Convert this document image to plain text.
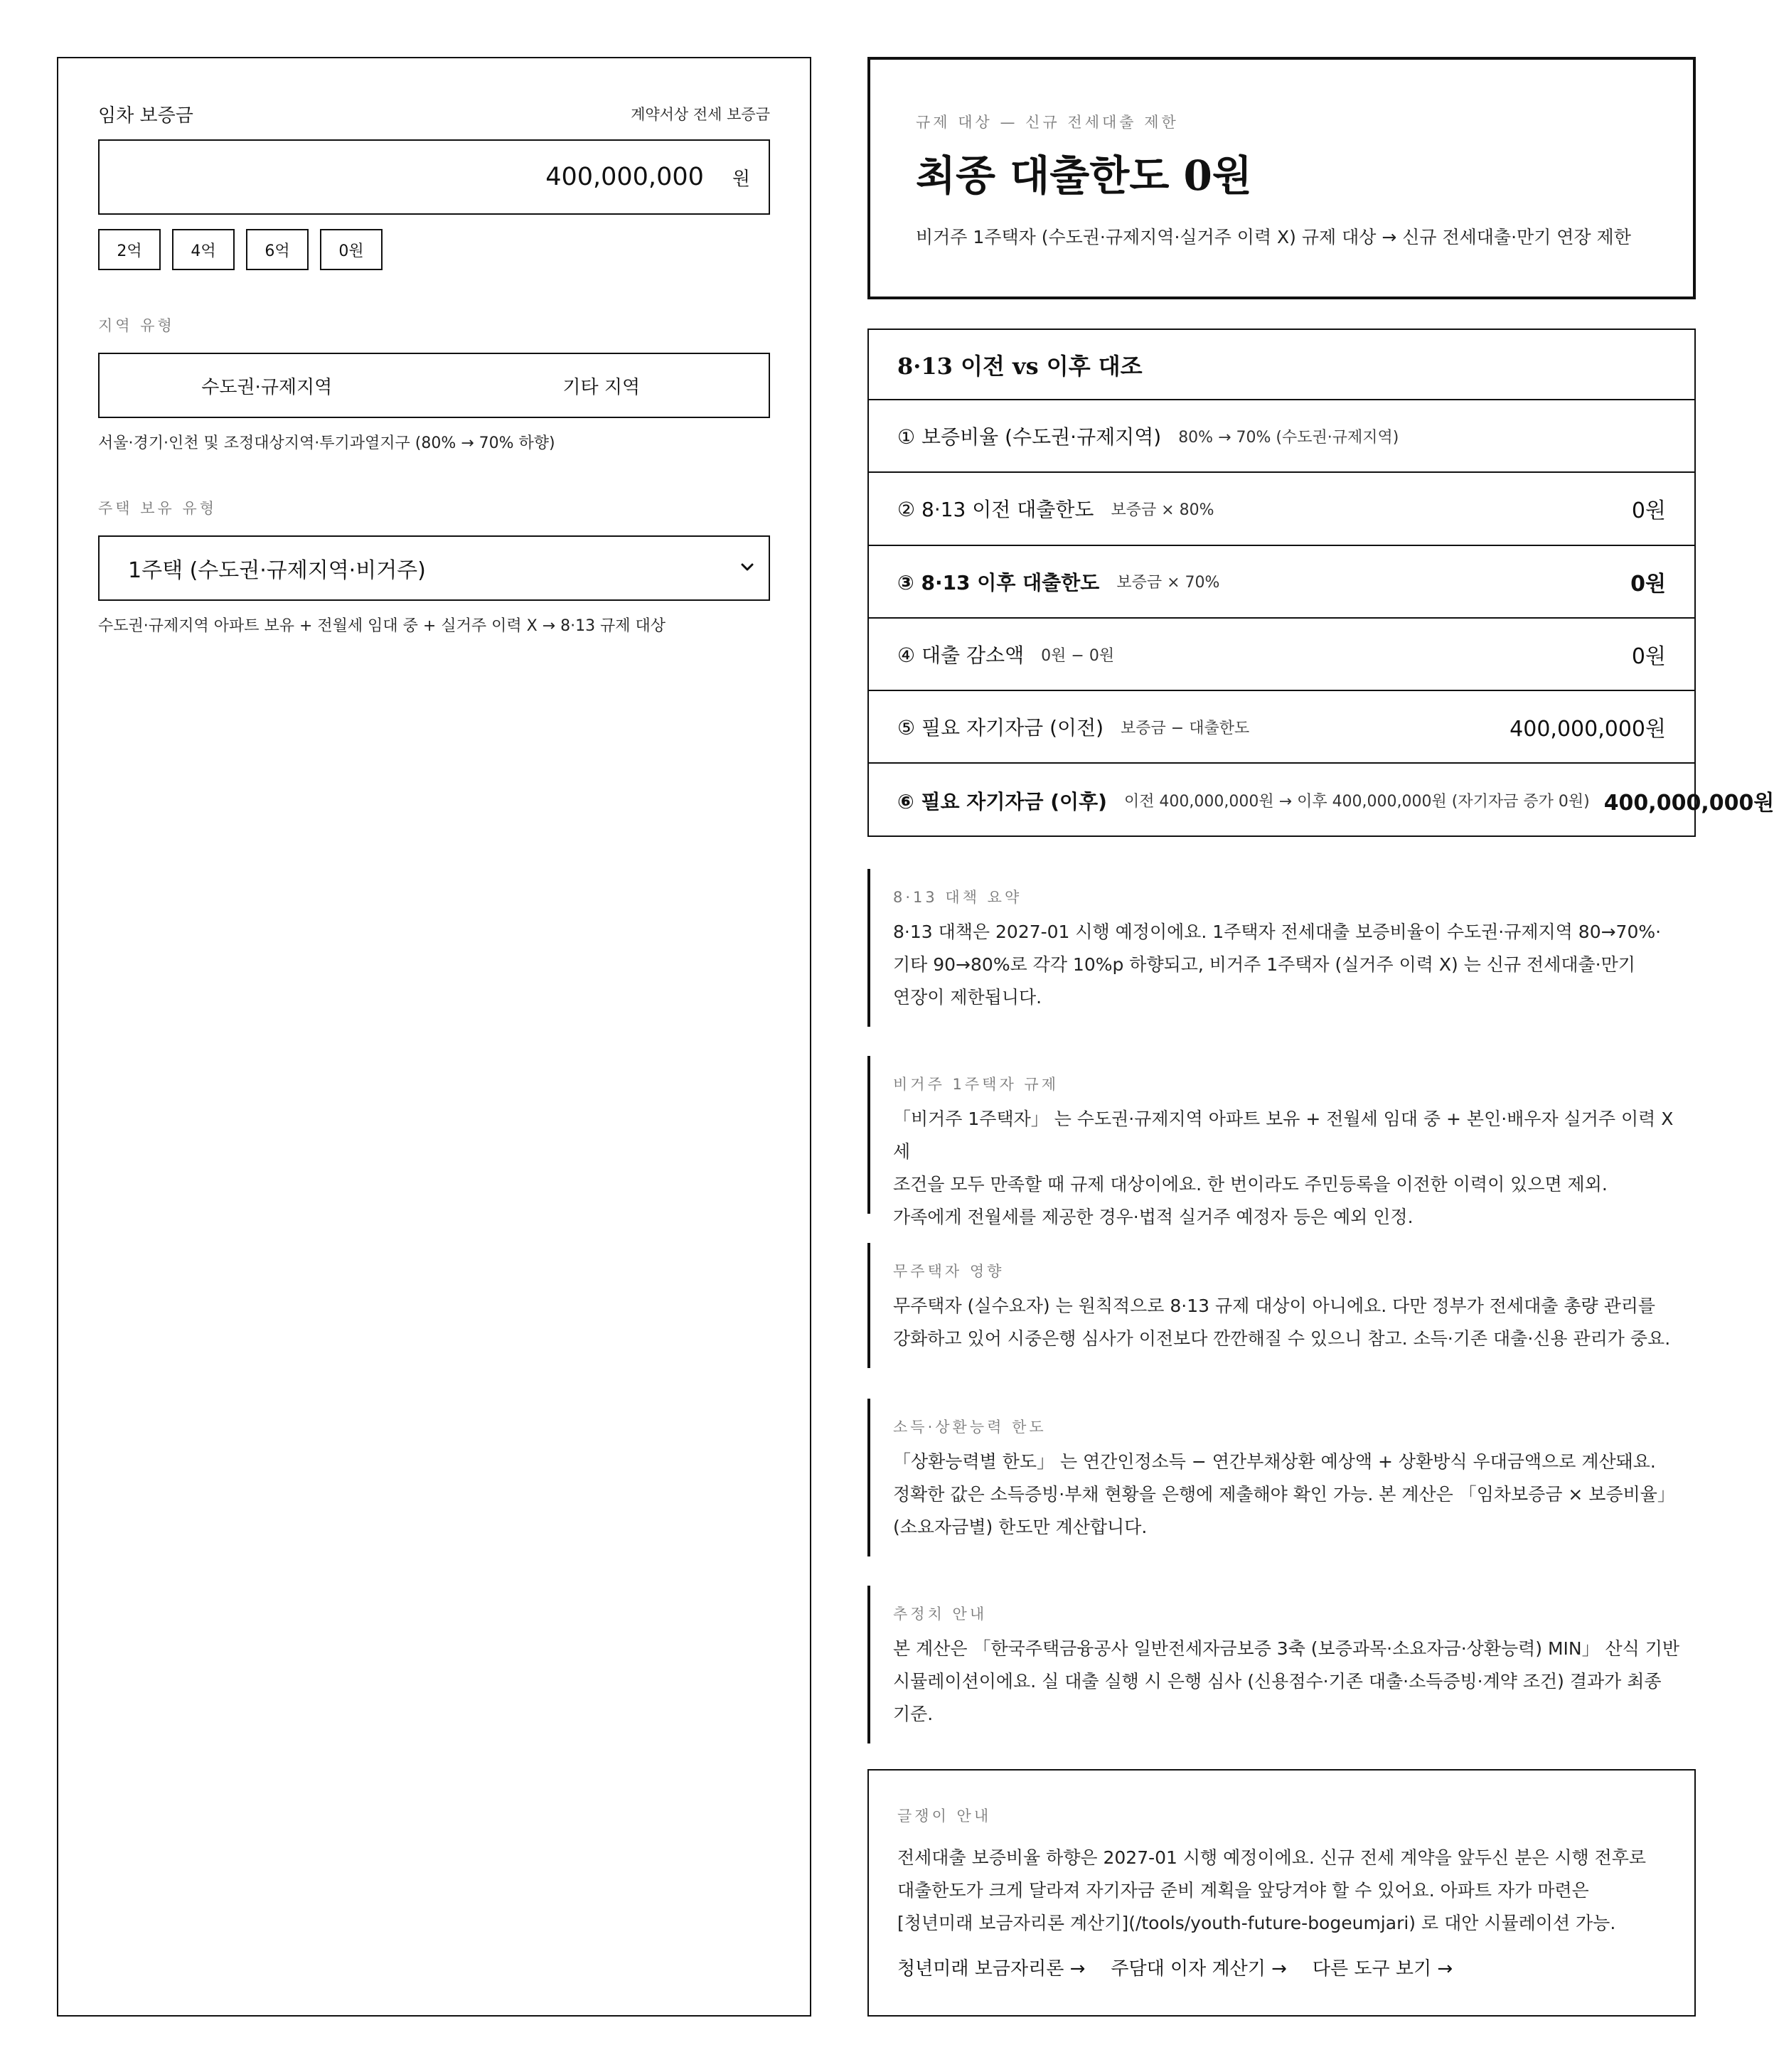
임차 보증금	계약서상 전세 보증금
400,000,000 원
2억	4억	6억	0원
지역 유형
수도권·규제지역	기타 지역
서울·경기·인천 및 조정대상지역·투기과열지구 (80% → 70% 하향)
주택 보유 유형
1주택 (수도권·규제지역·비거주)
수도권·규제지역 아파트 보유 + 전월세 임대 중 + 실거주 이력 X → 8·13 규제 대상
규제 대상 — 신규 전세대출 제한
최종 대출한도 0원
비거주 1주택자 (수도권·규제지역·실거주 이력 X) 규제 대상 → 신규 전세대출·만기 연장 제한
8·13 이전 vs 이후 대조
① 보증비율 (수도권·규제지역) 80% → 70% (수도권·규제지역)
② 8·13 이전 대출한도 보증금 × 80%	0원
③ 8·13 이후 대출한도 보증금 × 70%	0원
④ 대출 감소액 0원 − 0원	0원
⑤ 필요 자기자금 (이전) 보증금 − 대출한도	400,000,000원
⑥ 필요 자기자금 (이후) 이전 400,000,000원 → 이후 400,000,000원 (자기자금 증가 0원) 400,000,000원
8·13 대책 요약
8·13 대책은 2027-01 시행 예정이에요. 1주택자 전세대출 보증비율이 수도권·규제지역 80→70%·
기타 90→80%로 각각 10%p 하향되고, 비거주 1주택자 (실거주 이력 X) 는 신규 전세대출·만기
연장이 제한됩니다.
비거주 1주택자 규제
「비거주 1주택자」 는 수도권·규제지역 아파트 보유 + 전월세 임대 중 + 본인·배우자 실거주 이력 X 세
조건을 모두 만족할 때 규제 대상이에요. 한 번이라도 주민등록을 이전한 이력이 있으면 제외.
가족에게 전월세를 제공한 경우·법적 실거주 예정자 등은 예외 인정.
무주택자 영향
무주택자 (실수요자) 는 원칙적으로 8·13 규제 대상이 아니에요. 다만 정부가 전세대출 총량 관리를
강화하고 있어 시중은행 심사가 이전보다 깐깐해질 수 있으니 참고. 소득·기존 대출·신용 관리가 중요.
소득·상환능력 한도
「상환능력별 한도」 는 연간인정소득 − 연간부채상환 예상액 + 상환방식 우대금액으로 계산돼요.
정확한 값은 소득증빙·부채 현황을 은행에 제출해야 확인 가능. 본 계산은 「임차보증금 × 보증비율」
(소요자금별) 한도만 계산합니다.
추정치 안내
본 계산은 「한국주택금융공사 일반전세자금보증 3축 (보증과목·소요자금·상환능력) MIN」 산식 기반
시뮬레이션이에요. 실 대출 실행 시 은행 심사 (신용점수·기존 대출·소득증빙·계약 조건) 결과가 최종
기준.
글쟁이 안내
전세대출 보증비율 하향은 2027-01 시행 예정이에요. 신규 전세 계약을 앞두신 분은 시행 전후로
대출한도가 크게 달라져 자기자금 준비 계획을 앞당겨야 할 수 있어요. 아파트 자가 마련은
[청년미래 보금자리론 계산기](/tools/youth-future-bogeumjari) 로 대안 시뮬레이션 가능.
청년미래 보금자리론 → 주담대 이자 계산기 → 다른 도구 보기 →
